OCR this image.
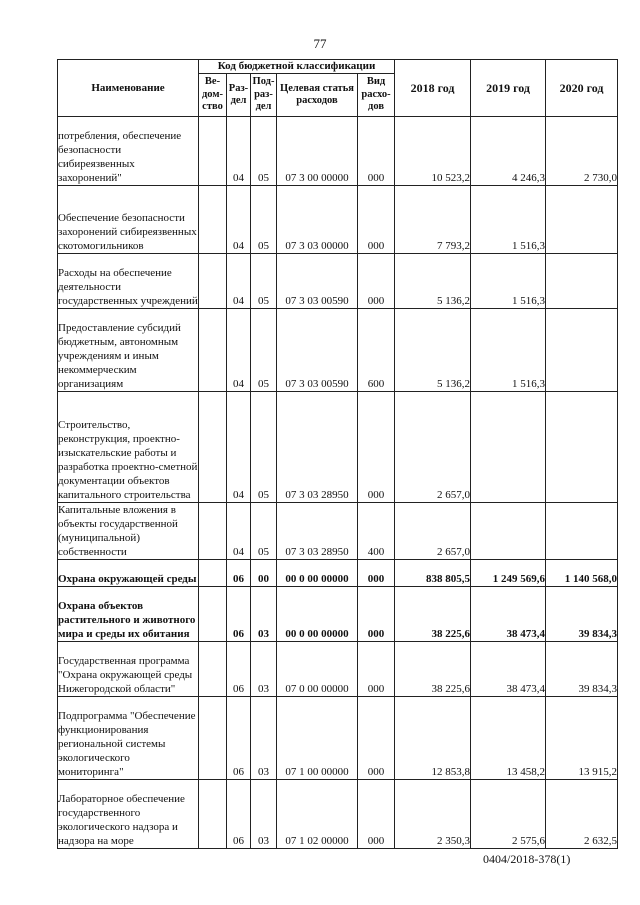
77
Наименование	Код бюджетной классификации					2018 год	2019 год	2020 год
	Ве-дом-ство	Раз-дел	Под-раз-дел	Целевая статья расходов	Вид расхо-дов			
потребления, обеспечение безопасности сибиреязвенных захоронений"		04	05	07 3 00 00000	000	10 523,2	4 246,3	2 730,0
Обеспечение безопасности захоронений сибиреязвенных скотомогильников		04	05	07 3 03 00000	000	7 793,2	1 516,3	
Расходы на обеспечение деятельности государственных учреждений		04	05	07 3 03 00590	000	5 136,2	1 516,3	
Предоставление субсидий бюджетным, автономным учреждениям и иным некоммерческим организациям		04	05	07 3 03 00590	600	5 136,2	1 516,3	
Строительство, реконструкция, проектно-изыскательские работы и разработка проектно-сметной документации объектов капитального строительства		04	05	07 3 03 28950	000	2 657,0		
Капитальные вложения в объекты государственной (муниципальной) собственности		04	05	07 3 03 28950	400	2 657,0		
Охрана окружающей среды		06	00	00 0 00 00000	000	838 805,5	1 249 569,6	1 140 568,0
Охрана объектов растительного и животного мира и среды их обитания		06	03	00 0 00 00000	000	38 225,6	38 473,4	39 834,3
Государственная программа "Охрана окружающей среды Нижегородской области"		06	03	07 0 00 00000	000	38 225,6	38 473,4	39 834,3
Подпрограмма "Обеспечение функционирования региональной системы экологического мониторинга"		06	03	07 1 00 00000	000	12 853,8	13 458,2	13 915,2
Лабораторное обеспечение государственного экологического надзора и надзора на море		06	03	07 1 02 00000	000	2 350,3	2 575,6	2 632,5
0404/2018-378(1)
